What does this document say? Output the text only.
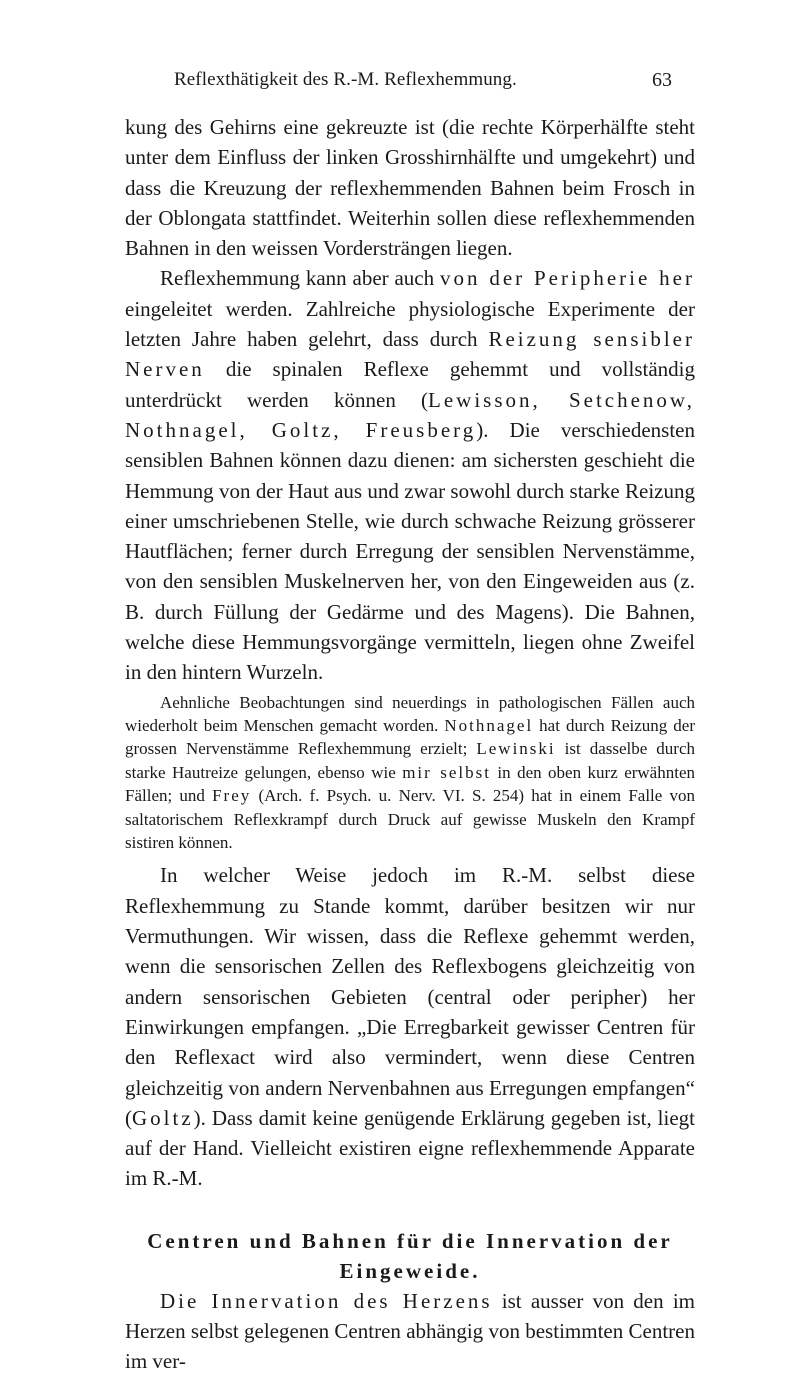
Reflexthätigkeit des R.-M. Reflexhemmung.	63

kung des Gehirns eine gekreuzte ist (die rechte Körperhälfte steht unter dem Einfluss der linken Grosshirnhälfte und umgekehrt) und dass die Kreuzung der reflexhemmenden Bahnen beim Frosch in der Oblongata stattfindet. Weiterhin sollen diese reflexhemmenden Bahnen in den weissen Vordersträngen liegen.

Reflexhemmung kann aber auch von der Peripherie her eingeleitet werden. Zahlreiche physiologische Experimente der letzten Jahre haben gelehrt, dass durch Reizung sensibler Nerven die spinalen Reflexe gehemmt und vollständig unterdrückt werden können (Lewisson, Setchenow, Nothnagel, Goltz, Freusberg). Die verschiedensten sensiblen Bahnen können dazu dienen: am sichersten geschieht die Hemmung von der Haut aus und zwar sowohl durch starke Reizung einer umschriebenen Stelle, wie durch schwache Reizung grösserer Hautflächen; ferner durch Erregung der sensiblen Nervenstämme, von den sensiblen Muskelnerven her, von den Eingeweiden aus (z. B. durch Füllung der Gedärme und des Magens). Die Bahnen, welche diese Hemmungsvorgänge vermitteln, liegen ohne Zweifel in den hintern Wurzeln.

Aehnliche Beobachtungen sind neuerdings in pathologischen Fällen auch wiederholt beim Menschen gemacht worden. Nothnagel hat durch Reizung der grossen Nervenstämme Reflexhemmung erzielt; Lewinski ist dasselbe durch starke Hautreize gelungen, ebenso wie mir selbst in den oben kurz erwähnten Fällen; und Frey (Arch. f. Psych. u. Nerv. VI. S. 254) hat in einem Falle von saltatorischem Reflexkrampf durch Druck auf gewisse Muskeln den Krampf sistiren können.

In welcher Weise jedoch im R.-M. selbst diese Reflexhemmung zu Stande kommt, darüber besitzen wir nur Vermuthungen. Wir wissen, dass die Reflexe gehemmt werden, wenn die sensorischen Zellen des Reflexbogens gleichzeitig von andern sensorischen Gebieten (central oder peripher) her Einwirkungen empfangen. „Die Erregbarkeit gewisser Centren für den Reflexact wird also vermindert, wenn diese Centren gleichzeitig von andern Nervenbahnen aus Erregungen empfangen“ (Goltz). Dass damit keine genügende Erklärung gegeben ist, liegt auf der Hand. Vielleicht existiren eigne reflexhemmende Apparate im R.-M.

Centren und Bahnen für die Innervation der
Eingeweide.

Die Innervation des Herzens ist ausser von den im Herzen selbst gelegenen Centren abhängig von bestimmten Centren im ver-
